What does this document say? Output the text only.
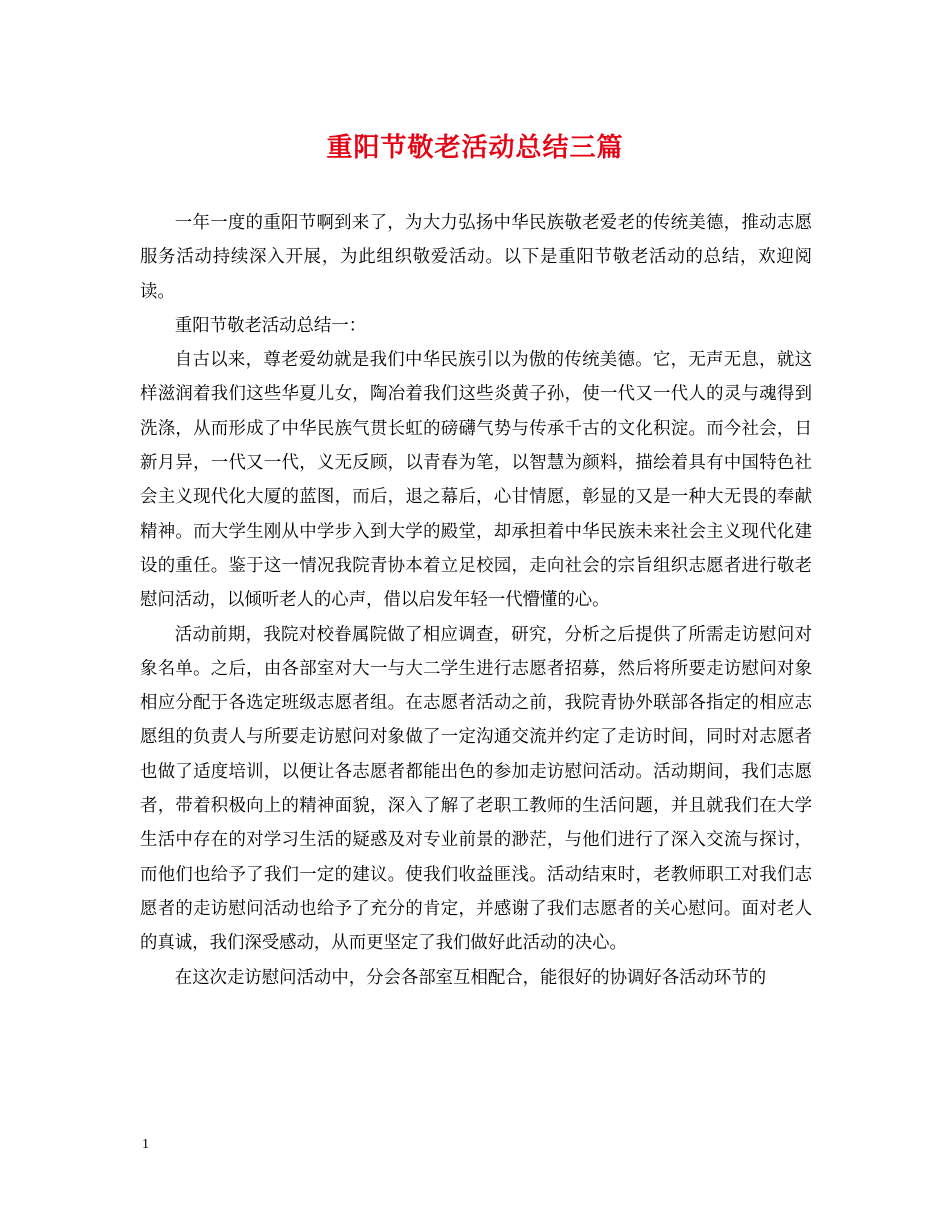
重阳节敬老活动总结三篇

一年一度的重阳节啊到来了，为大力弘扬中华民族敬老爱老的传统美德，推动志愿服务活动持续深入开展，为此组织敬爱活动。以下是重阳节敬老活动的总结，欢迎阅读。

重阳节敬老活动总结一：

自古以来，尊老爱幼就是我们中华民族引以为傲的传统美德。它，无声无息，就这样滋润着我们这些华夏儿女，陶冶着我们这些炎黄子孙，使一代又一代人的灵与魂得到洗涤，从而形成了中华民族气贯长虹的磅礴气势与传承千古的文化积淀。而今社会，日新月异，一代又一代，义无反顾，以青春为笔，以智慧为颜料，描绘着具有中国特色社会主义现代化大厦的蓝图，而后，退之幕后，心甘情愿，彰显的又是一种大无畏的奉献精神。而大学生刚从中学步入到大学的殿堂，却承担着中华民族未来社会主义现代化建设的重任。鉴于这一情况我院青协本着立足校园，走向社会的宗旨组织志愿者进行敬老慰问活动，以倾听老人的心声，借以启发年轻一代懵懂的心。

活动前期，我院对校眷属院做了相应调查，研究，分析之后提供了所需走访慰问对象名单。之后，由各部室对大一与大二学生进行志愿者招募，然后将所要走访慰问对象相应分配于各选定班级志愿者组。在志愿者活动之前，我院青协外联部各指定的相应志愿组的负责人与所要走访慰问对象做了一定沟通交流并约定了走访时间，同时对志愿者也做了适度培训，以便让各志愿者都能出色的参加走访慰问活动。活动期间，我们志愿者，带着积极向上的精神面貌，深入了解了老职工教师的生活问题，并且就我们在大学生活中存在的对学习生活的疑惑及对专业前景的渺茫，与他们进行了深入交流与探讨，而他们也给予了我们一定的建议。使我们收益匪浅。活动结束时，老教师职工对我们志愿者的走访慰问活动也给予了充分的肯定，并感谢了我们志愿者的关心慰问。面对老人的真诚，我们深受感动，从而更坚定了我们做好此活动的决心。

在这次走访慰问活动中，分会各部室互相配合，能很好的协调好各活动环节的

1
